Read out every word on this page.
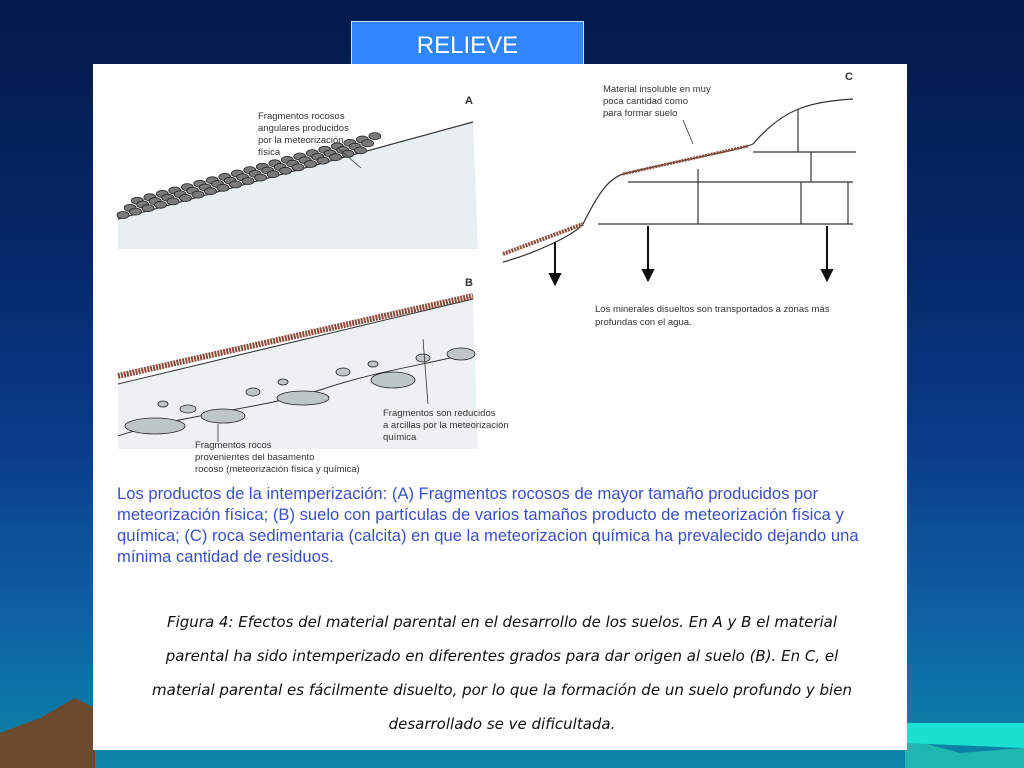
RELIEVE
A
Fragmentos rocosos angulares producidos por la meteorización física
B
Fragmentos son reducidos a arcillas por la meteorización química
Fragmentos rocos provenientes del basamento rocoso (meteorización física y química)
C
Material insoluble en muy poca cantidad como para formar suelo
Los minerales disueltos son transportados a zonas más profundas con el agua.
Los productos de la intemperización: (A) Fragmentos rocosos de mayor tamaño producidos por meteorización física; (B) suelo con partículas de varios tamaños producto de meteorización física y química; (C) roca sedimentaria (calcita) en que la meteorizacion química ha prevalecido dejando una mínima cantidad de residuos.
Figura 4: Efectos del material parental en el desarrollo de los suelos. En A y B el material parental ha sido intemperizado en diferentes grados para dar origen al suelo (B). En C, el material parental es fácilmente disuelto, por lo que la formación de un suelo profundo y bien desarrollado se ve dificultada.
